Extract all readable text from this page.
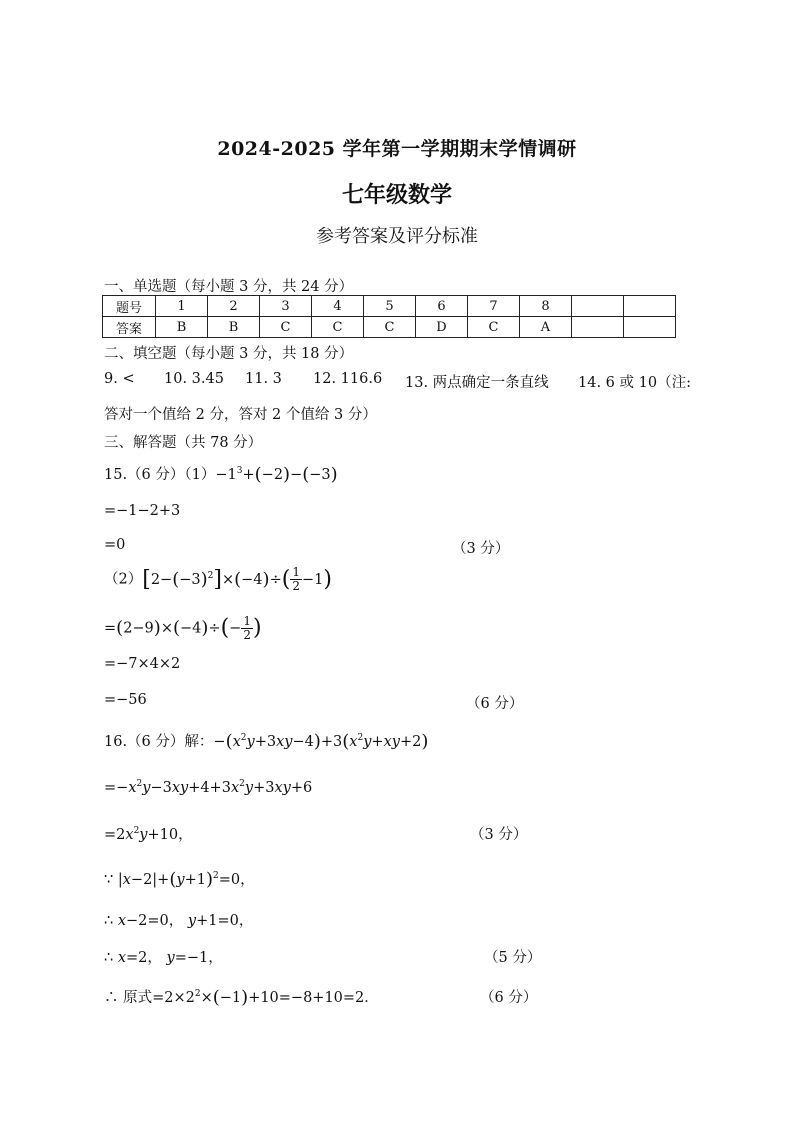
2024-2025 学年第一学期期末学情调研
七年级数学
参考答案及评分标准
一、单选题（每小题 3 分，共 24 分）
题号	1	2	3	4	5	6	7	8		
答案	B	B	C	C	C	D	C	A		
二、填空题（每小题 3 分，共 18 分）
9. < 10. 3.45 11. 3 12. 116.6 13. 两点确定一条直线 14. 6 或 10（注:
答对一个值给 2 分，答对 2 个值给 3 分）
三、解答题（共 78 分）
15.（6 分）$(1)-1^3+(-2)-(-3)$
=−1−2+3
=0	（3 分）
$(2)[2-(-3)^2]\times(-4)\div( \frac{1}{2} -1)$
$=(2-9)\times(-4)\div(- \frac{1}{2}$ )
=−7×4×2
=−56	（6 分）
16.（6 分）解：$-(x^2y+3xy-4)+3(x^2y+xy+2)$
$=-x^2y-3xy+4+3x^2y+3xy+6$
$=2x^2y+10$，	（3 分）
∵ $|x-2|+(y+1)^2=0$，
∴ x−2=0， y+1=0，
∴ x=2， y=−1，	（5 分）
∴ 原式$=2\times 2^2\times(-1)+10=-8+10=2$．	（6 分）
